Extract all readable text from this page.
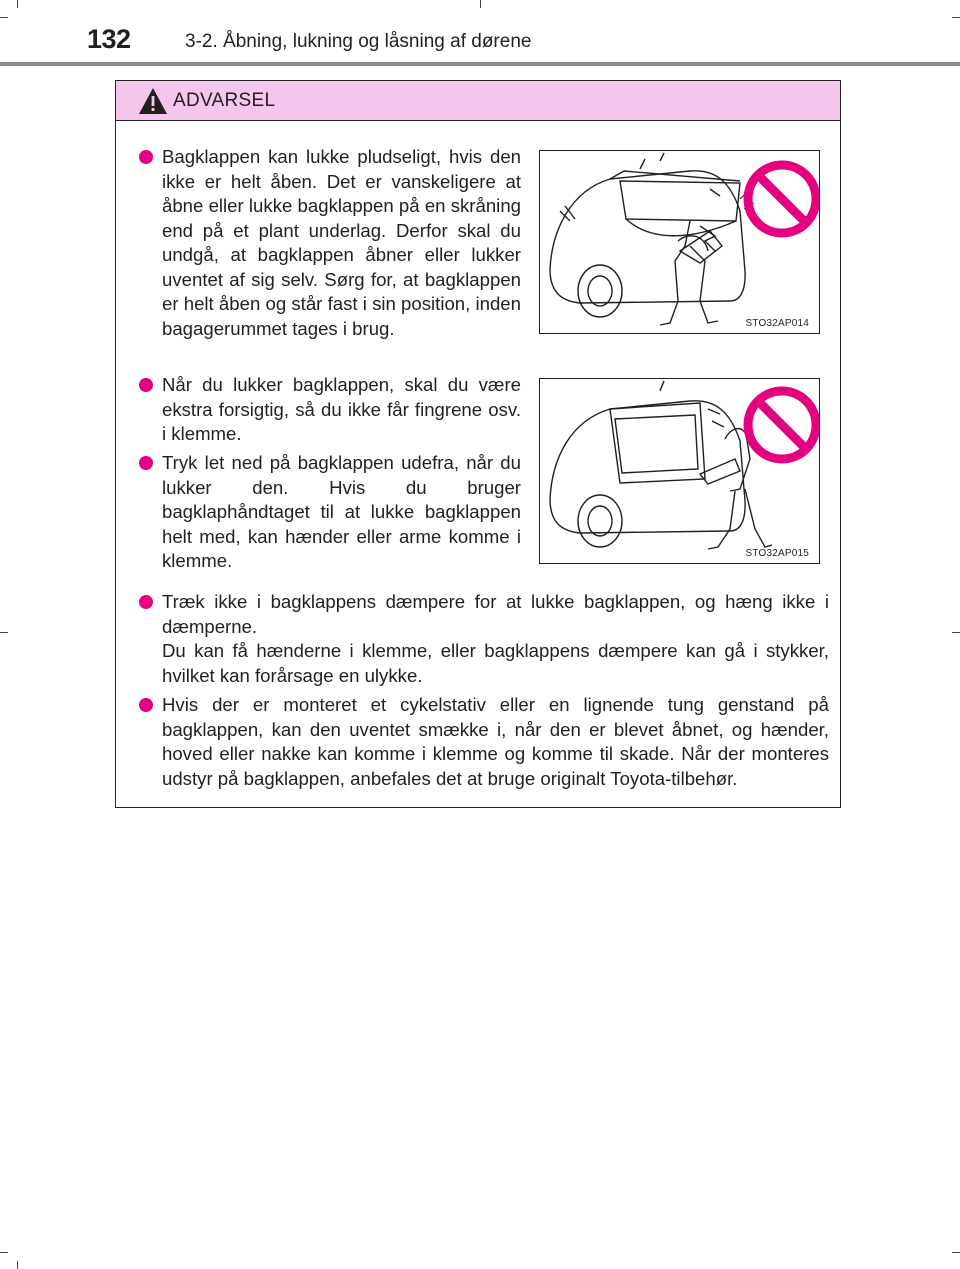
132	3-2. Åbning, lukning og låsning af dørene
ADVARSEL
Bagklappen kan lukke pludseligt, hvis den ikke er helt åben. Det er vanskeligere at åbne eller lukke bagklappen på en skråning end på et plant underlag. Derfor skal du undgå, at bagklappen åbner eller lukker uventet af sig selv. Sørg for, at bagklappen er helt åben og står fast i sin position, inden bagagerummet tages i brug.	STO32AP014
Når du lukker bagklappen, skal du være ekstra forsigtig, så du ikke får fingrene osv. i klemme.
Tryk let ned på bagklappen udefra, når du lukker den. Hvis du bruger bagklaphåndtaget til at lukke bagklappen helt med, kan hænder eller arme komme i klemme.	STO32AP015
Træk ikke i bagklappens dæmpere for at lukke bagklappen, og hæng ikke i dæmperne.
Du kan få hænderne i klemme, eller bagklappens dæmpere kan gå i stykker, hvilket kan forårsage en ulykke.
Hvis der er monteret et cykelstativ eller en lignende tung genstand på bagklappen, kan den uventet smække i, når den er blevet åbnet, og hænder, hoved eller nakke kan komme i klemme og komme til skade. Når der monteres udstyr på bagklappen, anbefales det at bruge originalt Toyota-tilbehør.
